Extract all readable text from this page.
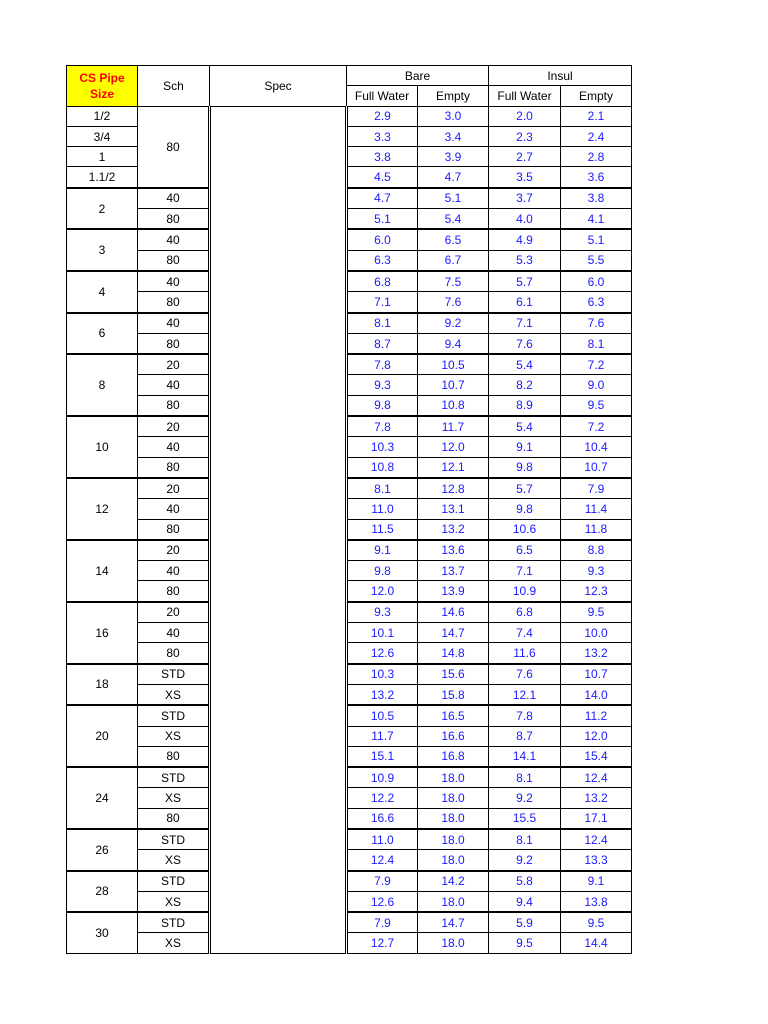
CS Pipe Size	Sch	Spec	Bare		Insul	
			Full Water	Empty	Full Water	Empty
1/2	80		2.9	3.0	2.0	2.1
3/4			3.3	3.4	2.3	2.4
1			3.8	3.9	2.7	2.8
1.1/2			4.5	4.7	3.5	3.6
2	40		4.7	5.1	3.7	3.8
	80		5.1	5.4	4.0	4.1
3	40		6.0	6.5	4.9	5.1
	80		6.3	6.7	5.3	5.5
4	40		6.8	7.5	5.7	6.0
	80		7.1	7.6	6.1	6.3
6	40		8.1	9.2	7.1	7.6
	80		8.7	9.4	7.6	8.1
8	20		7.8	10.5	5.4	7.2
	40		9.3	10.7	8.2	9.0
	80		9.8	10.8	8.9	9.5
10	20		7.8	11.7	5.4	7.2
	40		10.3	12.0	9.1	10.4
	80		10.8	12.1	9.8	10.7
12	20		8.1	12.8	5.7	7.9
	40		11.0	13.1	9.8	11.4
	80		11.5	13.2	10.6	11.8
14	20		9.1	13.6	6.5	8.8
	40		9.8	13.7	7.1	9.3
	80		12.0	13.9	10.9	12.3
16	20		9.3	14.6	6.8	9.5
	40		10.1	14.7	7.4	10.0
	80		12.6	14.8	11.6	13.2
18	STD		10.3	15.6	7.6	10.7
	XS		13.2	15.8	12.1	14.0
20	STD		10.5	16.5	7.8	11.2
	XS		11.7	16.6	8.7	12.0
	80		15.1	16.8	14.1	15.4
24	STD		10.9	18.0	8.1	12.4
	XS		12.2	18.0	9.2	13.2
	80		16.6	18.0	15.5	17.1
26	STD		11.0	18.0	8.1	12.4
	XS		12.4	18.0	9.2	13.3
28	STD		7.9	14.2	5.8	9.1
	XS		12.6	18.0	9.4	13.8
30	STD		7.9	14.7	5.9	9.5
	XS		12.7	18.0	9.5	14.4
